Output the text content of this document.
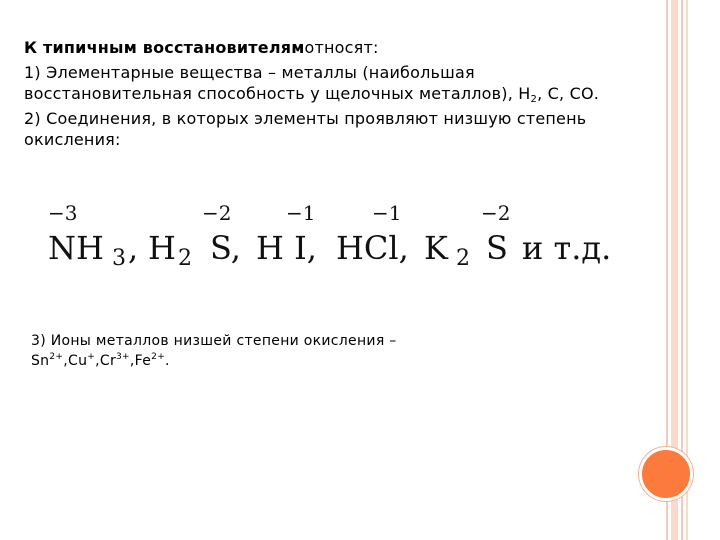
К типичным восстановителямотносят:

1) Элементарные вещества – металлы (наибольшая восстановительная способность у щелочных металлов), $Н_2$, С, СО.

2) Соединения, в которых элементы проявляют низшую степень окисления:

−3	−2	−1	−1	−2
NH 3 , H 2 S, H I, HCl, K 2 S и т.д.

3) Ионы металлов низшей степени окисления –

$Sn^{2+},Cu^+,Cr^{3+},Fe^{2+}$.
